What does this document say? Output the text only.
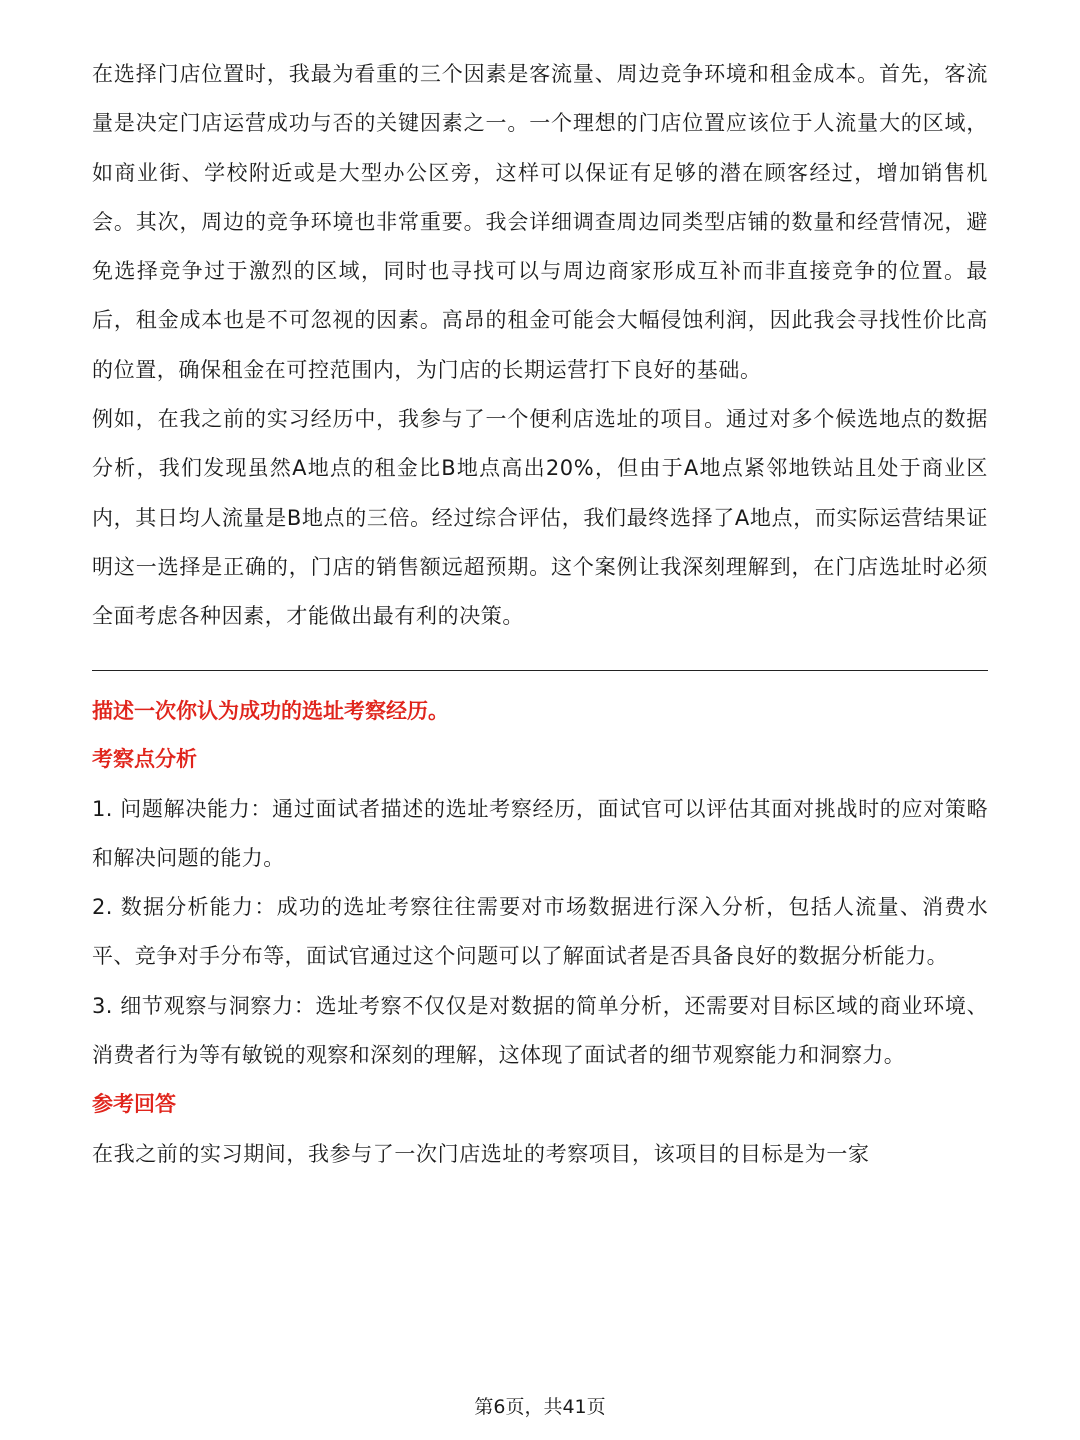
在选择门店位置时，我最为看重的三个因素是客流量、周边竞争环境和租金成本。首先，客流量是决定门店运营成功与否的关键因素之一。一个理想的门店位置应该位于人流量大的区域，如商业街、学校附近或是大型办公区旁，这样可以保证有足够的潜在顾客经过，增加销售机会。其次，周边的竞争环境也非常重要。我会详细调查周边同类型店铺的数量和经营情况，避免选择竞争过于激烈的区域，同时也寻找可以与周边商家形成互补而非直接竞争的位置。最后，租金成本也是不可忽视的因素。高昂的租金可能会大幅侵蚀利润，因此我会寻找性价比高的位置，确保租金在可控范围内，为门店的长期运营打下良好的基础。

例如，在我之前的实习经历中，我参与了一个便利店选址的项目。通过对多个候选地点的数据分析，我们发现虽然A地点的租金比B地点高出20%，但由于A地点紧邻地铁站且处于商业区内，其日均人流量是B地点的三倍。经过综合评估，我们最终选择了A地点，而实际运营结果证明这一选择是正确的，门店的销售额远超预期。这个案例让我深刻理解到，在门店选址时必须全面考虑各种因素，才能做出最有利的决策。

描述一次你认为成功的选址考察经历。

考察点分析

1. 问题解决能力：通过面试者描述的选址考察经历，面试官可以评估其面对挑战时的应对策略和解决问题的能力。

2. 数据分析能力：成功的选址考察往往需要对市场数据进行深入分析，包括人流量、消费水平、竞争对手分布等，面试官通过这个问题可以了解面试者是否具备良好的数据分析能力。

3. 细节观察与洞察力：选址考察不仅仅是对数据的简单分析，还需要对目标区域的商业环境、消费者行为等有敏锐的观察和深刻的理解，这体现了面试者的细节观察能力和洞察力。

参考回答

在我之前的实习期间，我参与了一次门店选址的考察项目，该项目的目标是为一家

第6页，共41页
